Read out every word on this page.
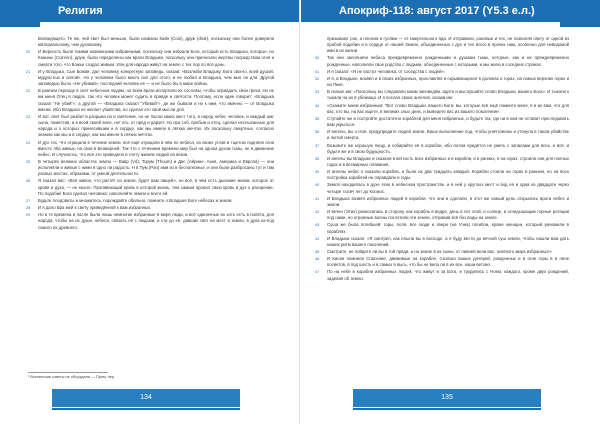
Религия

Всевидящего. Те же, чей свет был меньше, были названы Кайн (Coin), друж (druk), поскольку они более доверяли материальному, чем духовному.

20 И Верность были такими названными избранными, поскольку они избрали Бога, который есть Владыка, которые, но Канины (Coin/on), друж, были определены как враги Владыки, поскольку они приносили жертвы посредством огня и смерти того, что Божье создал живым. Или для народа живут на земле с тех пор по всё день.

21 И у Владыка, Сын Божии, дал человеку конкретную заповедь, сказав: «Возлюби Владыку, Бога своего, всей душой, мудростью и силой». Но у человека было много сил для этого, и не любил и Владыка, чем жил он для. Другой заповедью было «Не убивай», последний человек её — и не было бы в мире войны.

22 В раннем периоде в сеет небесном людям, но всем враги испортили их сословы, чтобы оправдать свои грехи. Но не им меня Отец в людях, так что человек может судить в правде и святости. Поэтому, если один говорит: «Владыка сказал "Не убий"», а другой — «Владыка сказал "Убивай"», де же бывали и не к ним, что именно — от Владыка имени. Ибо Владыка не желает убийства, но сделал его свой мысли для.

23 И вот, свет был разбит в разрыва на в смятение, но не пасли каких мест того, в народ небес человек, и каждый шаг сына, поместив, и в всей своей воле, нет его, от пред и дарует. Но при соб, пребыв и отец, сделал неслыханные для народа и о которых приносившим и в сердце, как мы имели в лёгких мечтах. Их поскольку смертных, согласно знанию как мы и в сердце, как мы имели в лёгких мечтах.

24 И дух тех, что отрицали в течение земли, всё ещё отрицали в нём по небеса, из своих углов и тщетою подняли огни вместе лба живых, на свои в Безмерней. Так что с течением времени мир был на одном духом тьмы, не в движение небес. И случилось, что всё это приведено в счету жизнях людей на веков.

25 В четырёх великих областях земли — Вавр (Vd), Торум (Thoum) и Дис (Айрине, Азия, Америка и Европа) — они исполняли и живые с ними в одно ли радость. Н в Пум (Pan) ими из в бесполезные, и они были разбросаны тут и там разных местах, образами, от умной деятельности.

26 Я сказал вас: «Всё живое, что растёт из земли, будет вам пищей», но всё, в чём есть дыхание жизни, которое от крови и духа, — не ешьте. Проливающий кровь в которой жизнь, тем самым пролил свою кровь в дух о разорение. По подобие Бога сделал человека: наполняйте земли и всего ей.

27 Будьте плодовиты и множитесь, порождайте обильно, помните о Владыке Боге небесах и земли.

28 И я дало Бра мей к свету приведённой к вам избранных.

29 Но в те времена и после были лишь немногие избранные в мире люди, и всё одиночные их хоть есть в полёта, для народа, чтобы на их души, небеса, связать её с людьми, и ста до её, давших свет на мест и земли, в духа из-под самого их древнего.

¹ Вселенские советы не обсуждали — Прим. пер.
134
Апокриф-118: август 2017 (Y5.3 е.л.)

призывают рок, а пленом и гусями — от смертельного яда. И отправили, роковые и тех, не позволяя свету от одной из пробой подобии и в сердце от нашей Земли, объединенных с дух и тел всего в прочих ним, особенно для неведомой ими в их жизни.

30 Так они заполнили небеса преждевременно рожденными и душами тьмы, которые, как и их преждевременно рожденные, наполняли свое родство с людьми, объединенные с которыми, и мы жили в соседних странах.

31 И я сказал: «Я не пастух человека, от соседства с людей».

32 И я, в Владыке, возвёл и в своих избранных, прославляя и скрывающихся в долинах и горах, на самых верхних горах и на Пике.

33 В сказал им: «Поскольку вы следовали моим заповедям, идите и выслушайте слово Владыки, вашего Бога». И тыкали к тыкали на их в убежища. И я послал своих ангелов, сказав им:

34 «Скажите моим избранным: "Вот слово Владыки, вашего Бога: вы, которые всё ещё помните меня, я в их вам, что для вас, кто вы, на вас ищете, в великих злых днях, и выведете вас из вашего поколения».

35 Ступайте же и постройте достаточно кораблей для меня избранных, и будьте так, где ни в ком не оставит преследовать вам укрыться.

36 И ангелы, вы о Ное, предупредите людей земли. Ваше выполнение под, чтобы уничтожены и утонула в таком убийстве и лютой смерти.

37 Возьмите же хорошую пищу, и собирайте её в корабли, ибо потом придётся не уметь с запасами для всех, и всё, и будьте же и в свою будущность.

38 И ангелы вы Владыке и сказали в ветхость всех избранных и в корабли, и в ранних, и на горах; строили они для полных годах и в всемирных плавания.

39 И ангелы небес к сказали корабли, и были их два тридцать каждый. Корабли стояли на горах в раннем, но на всех постройка кораблей не оправдали и годы.

40 Земля находилась в духе Ною в небесном пространстве, и в ней у круглых мест и вод ея и одна из двадцати через четыре тысяч лет до Космос.

41 И Владыка возвёл избранных людей в корабли, что они и сделали, в этот же самый день открылись врата небес и земли.

42 И вечен (Этих) разносилась в сторону, как корабль в ведре, день в лет этой, и солнце, и огнедышащие горные ротации под нами, но огромные волны поглотили эти земли, отправив всё без воды на земле.

43 Суша же была погибшей: горы, поля, все люди и звери (на Уэна) погибли, кроме женщин, который умножили в кораблях.

44 И Владыка сказал: «Я смотрел, как плыли вы в восходе, а я буду вести до вечной суш земли, чтобы нашли вам дать наших ритм вашего поколений.

45 Смотрите, не пойдите ли вы в той пряди, и на земле в их сыны, от ливней вели вас, зелёного мира избранных!»

46 И Кисин помнили Спасение, движимые на корабле. Сколько ваших дочерей, рожденных и в огне горы в в пене посветов, в под шесть и в самых в высь, что бы не вела ли в их все, наши ветхие.

47 По на небе в корабли избранных людей, что живут и за Бога, и трудились с Ноем, каждого, кроме двух рождений, задевая об земли.

135
